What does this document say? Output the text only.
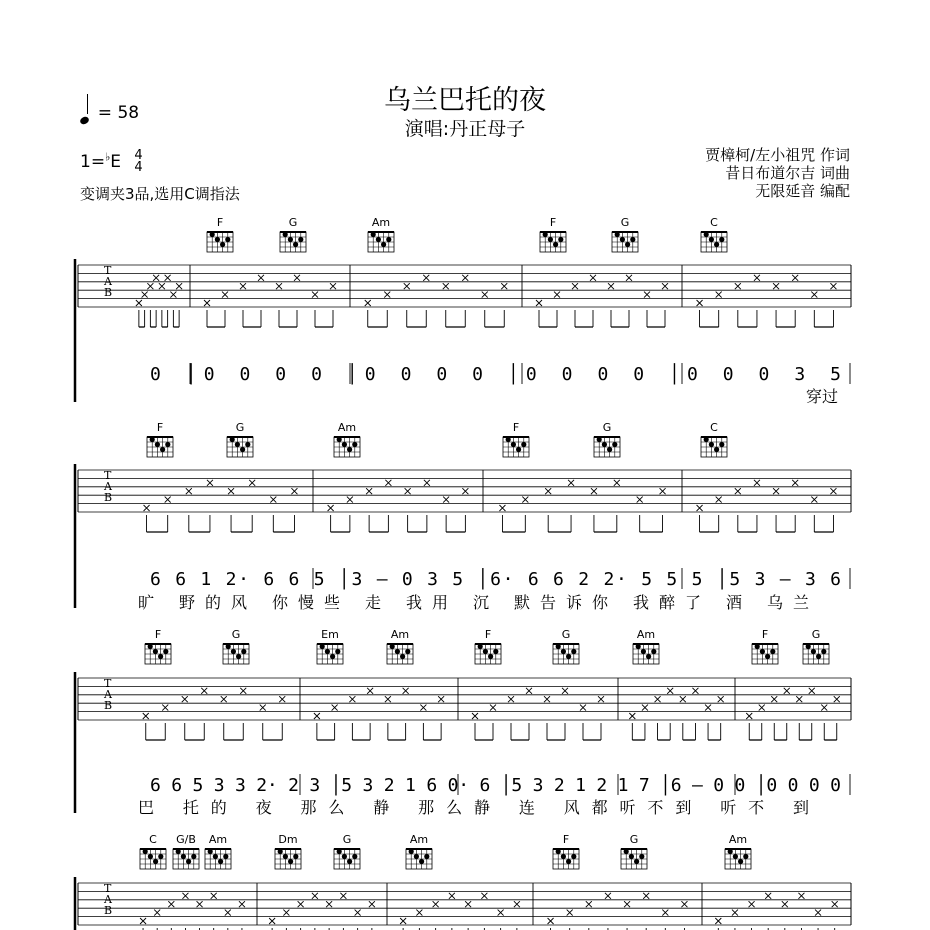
乌兰巴托的夜
演唱:丹正母子
= 58
1=♭E 4
4
变调夹3品,选用C调指法
贾樟柯/左小祖咒 作词
昔日布道尔吉 词曲
无限延音 编配
T
A
B
F	G	Am	F	G	C
0 │0 0 0 0 │0 0 0 0 │0 0 0 0 │0 0 0 3 5
穿过
T
A
B
F	G	Am	F	G	C
6 6 1 2· 6 6 5 │3 — 0 3 5 │6· 6 6 2 2· 5 5 5 │5 3 — 3 6
旷 野的风 你慢些 走 我用 沉 默告诉你 我醉了 酒 乌兰
T
A
B
F	G	Em	Am	F	G	Am	F	G
6 6 5 3 3 2· 2 3 │5 3 2 1 6 0· 6 │5 3 2 1 2 1 7 │6 — 0 0 │0 0 0 0
巴 托的 夜 那么 静 那么静 连 风都听不到 听不 到
T
A
B
C G/B Am	Dm	G	Am	F	G	Am
